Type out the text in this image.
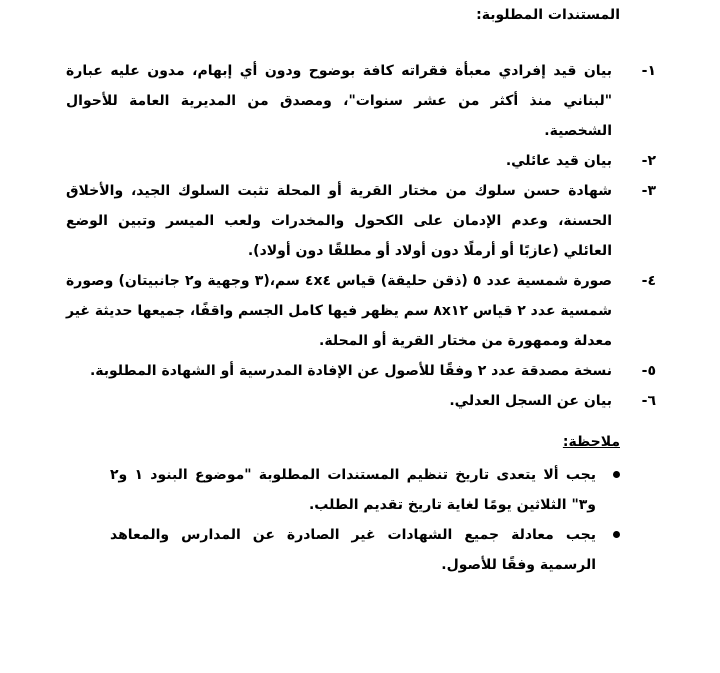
المستندات المطلوبة:
١-
بيان قيد إفرادي معبأة فقراته كافة بوضوح ودون أي إبهام، مدون عليه عبارة "لبناني منذ أكثر من عشر سنوات"، ومصدق من المديرية العامة للأحوال الشخصية.
٢-
بيان قيد عائلي.
٣-
شهادة حسن سلوك من مختار القرية أو المحلة تثبت السلوك الجيد، والأخلاق الحسنة، وعدم الإدمان على الكحول والمخدرات ولعب الميسر وتبين الوضع العائلي (عازبًا أو أرملًا دون أولاد أو مطلقًا دون أولاد).
٤-
صورة شمسية عدد ٥ (ذقن حليقة) قياس ٤x٤ سم،(٣ وجهية و٢ جانبيتان) وصورة شمسية عدد ٢ قياس ٨x١٢ سم يظهر فيها كامل الجسم واقفًا، جميعها حديثة غير معدلة وممهورة من مختار القرية أو المحلة.
٥-
نسخة مصدقة عدد ٢ وفقًا للأصول عن الإفادة المدرسية أو الشهادة المطلوبة.
٦-
بيان عن السجل العدلي.
ملاحظة:
يجب ألا يتعدى تاريخ تنظيم المستندات المطلوبة "موضوع البنود ١ و٢ و٣" الثلاثين يومًا لغاية تاريخ تقديم الطلب.
يجب معادلة جميع الشهادات غير الصادرة عن المدارس والمعاهد الرسمية وفقًا للأصول.
